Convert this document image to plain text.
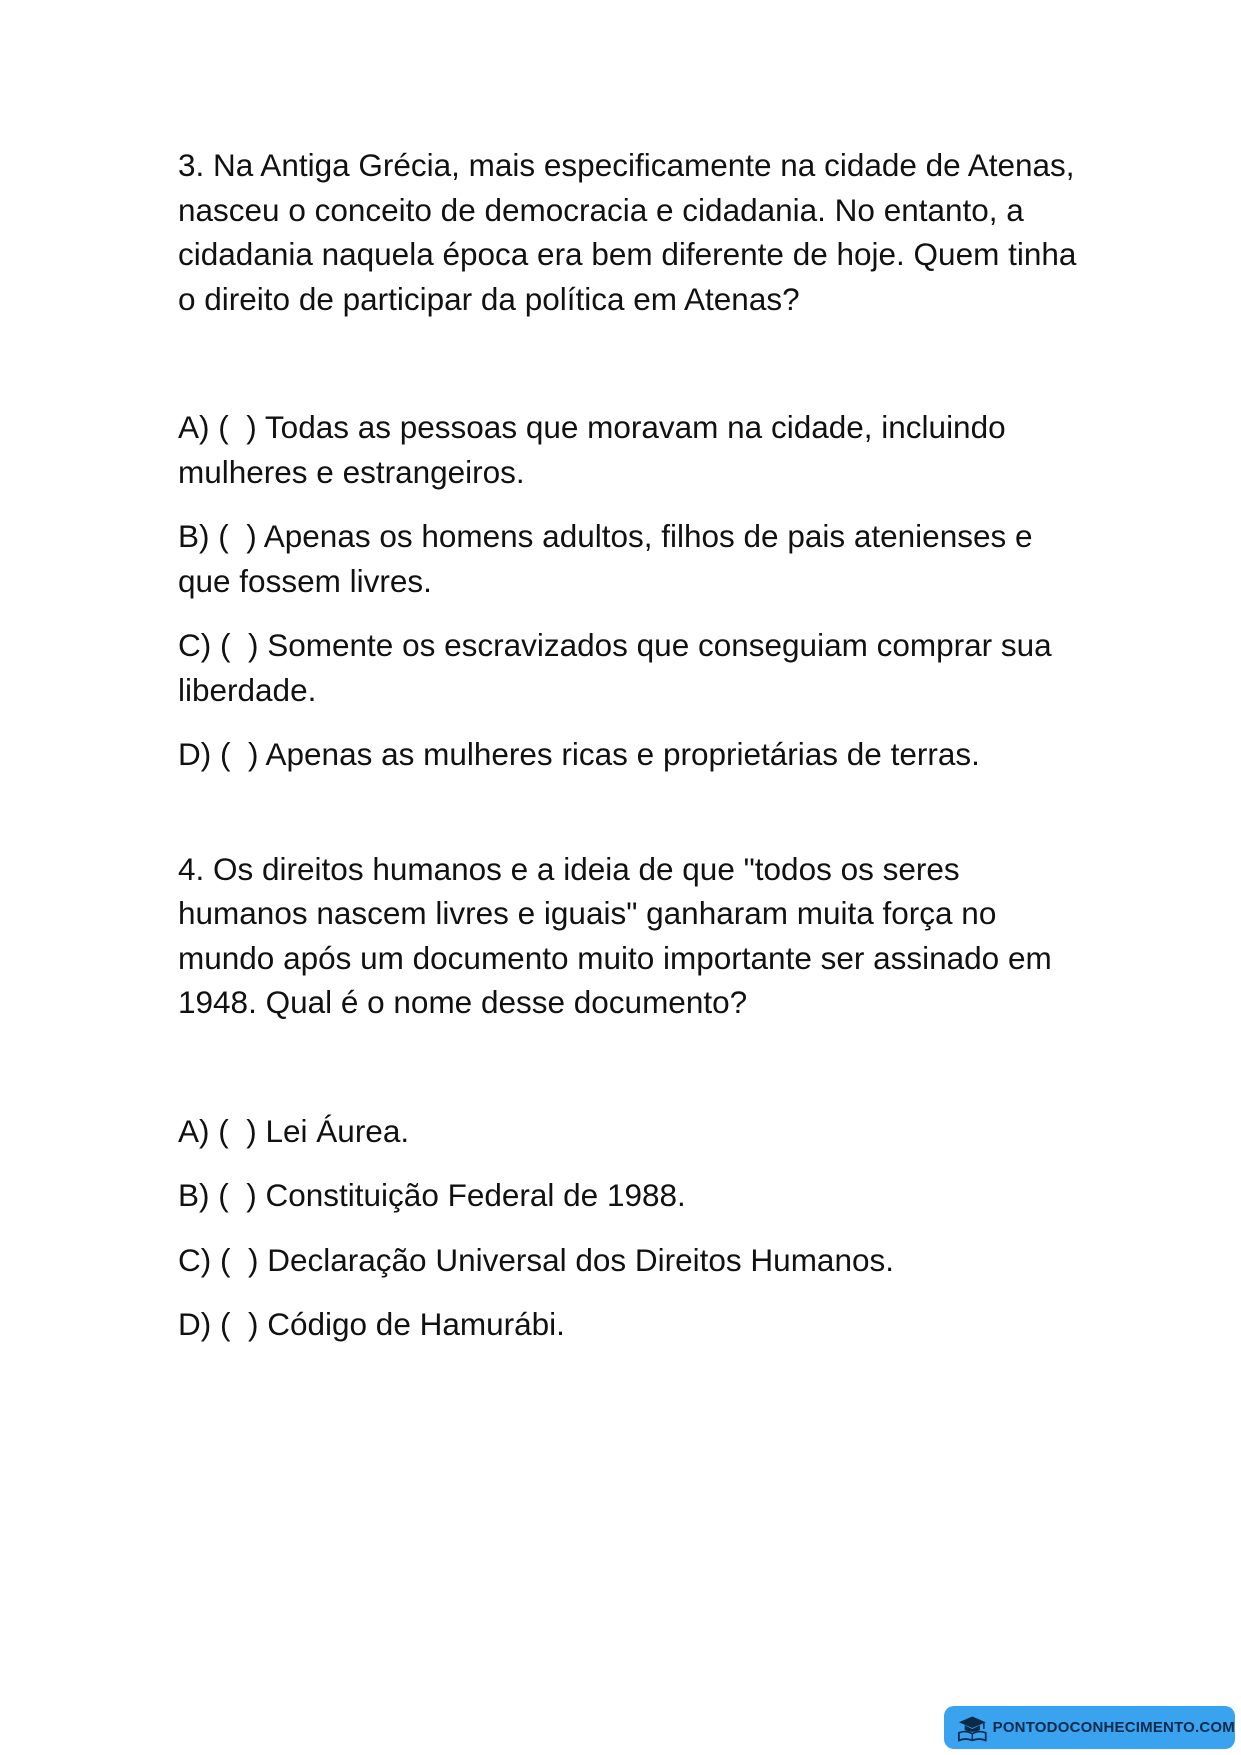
3. Na Antiga Grécia, mais especificamente na cidade de Atenas, nasceu o conceito de democracia e cidadania. No entanto, a cidadania naquela época era bem diferente de hoje. Quem tinha o direito de participar da política em Atenas?

A) (  ) Todas as pessoas que moravam na cidade, incluindo mulheres e estrangeiros.

B) (  ) Apenas os homens adultos, filhos de pais atenienses e que fossem livres.

C) (  ) Somente os escravizados que conseguiam comprar sua liberdade.

D) (  ) Apenas as mulheres ricas e proprietárias de terras.

4. Os direitos humanos e a ideia de que "todos os seres humanos nascem livres e iguais" ganharam muita força no mundo após um documento muito importante ser assinado em 1948. Qual é o nome desse documento?

A) (  ) Lei Áurea.

B) (  ) Constituição Federal de 1988.

C) (  ) Declaração Universal dos Direitos Humanos.

D) (  ) Código de Hamurábi.

PONTODOCONHECIMENTO.COM
